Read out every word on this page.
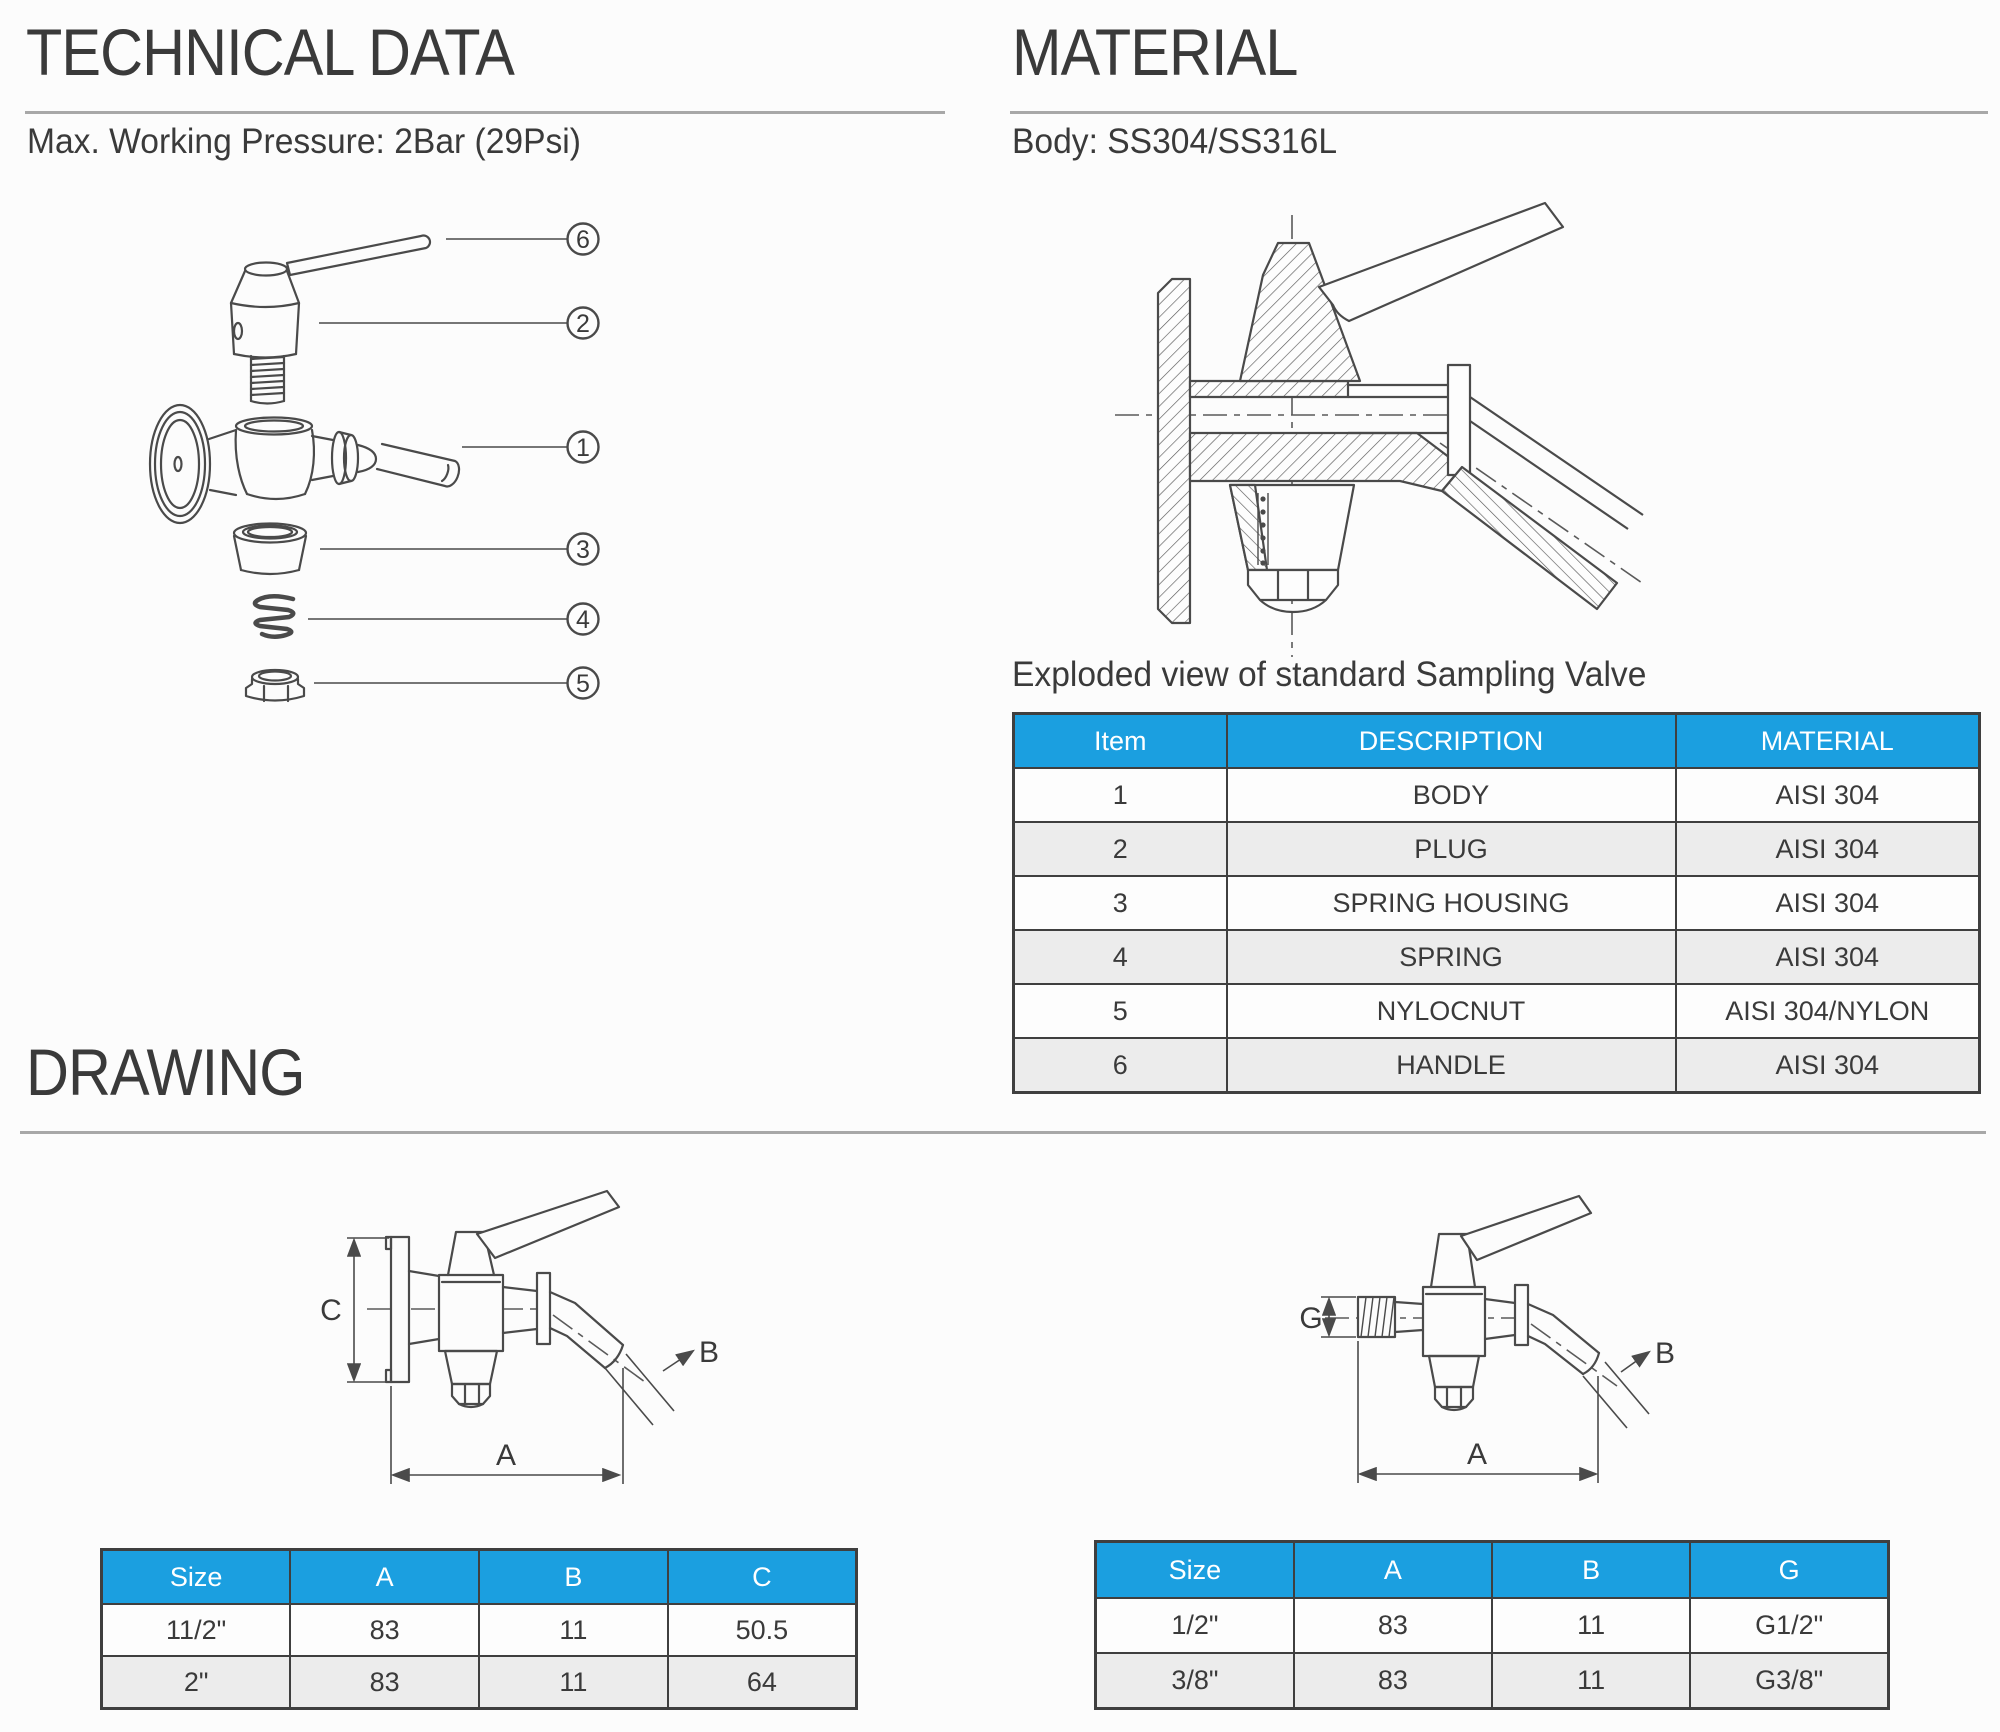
TECHNICAL DATA
Max. Working Pressure: 2Bar (29Psi)
6
2
1
3
4
5
MATERIAL
Body: SS304/SS316L
Exploded view of standard Sampling Valve
Item	DESCRIPTION	MATERIAL
1	BODY	AISI 304
2	PLUG	AISI 304
3	SPRING HOUSING	AISI 304
4	SPRING	AISI 304
5	NYLOCNUT	AISI 304/NYLON
6	HANDLE	AISI 304
DRAWING
C
A
B
G
A
B
Size	A	B	C
11/2"	83	11	50.5
2"	83	11	64
Size	A	B	G
1/2"	83	11	G1/2"
3/8"	83	11	G3/8"
